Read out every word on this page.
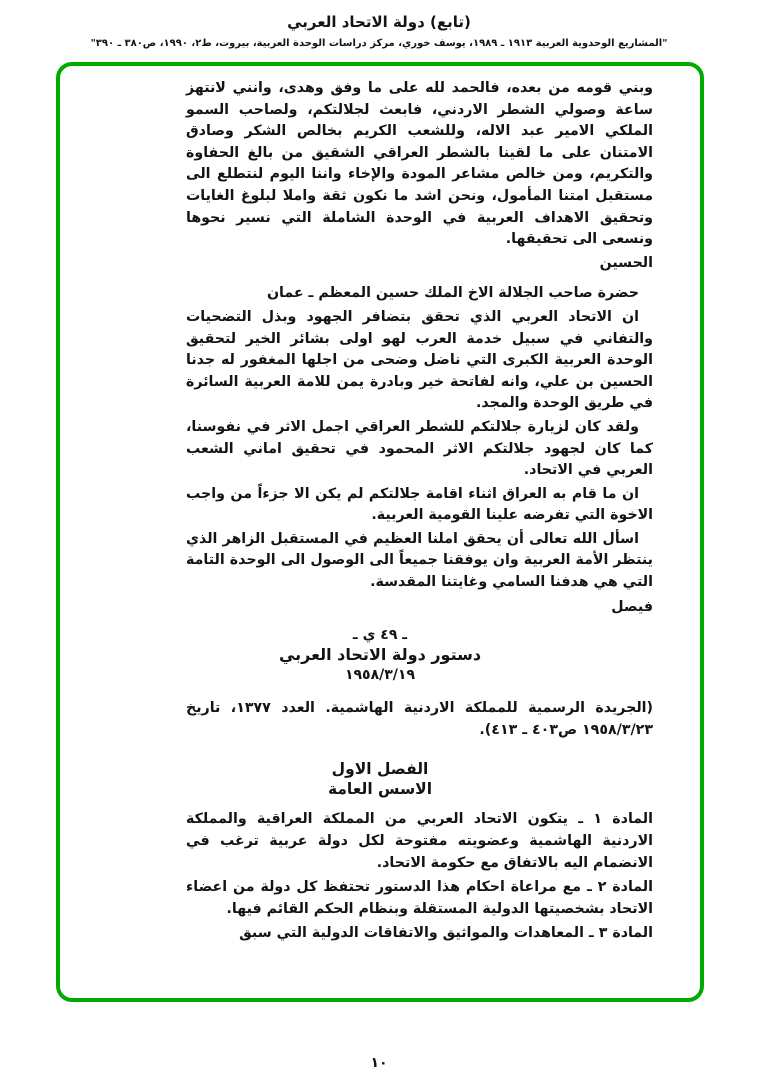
(تابع) دولة الاتحاد العربي
"المشاريع الوحدوية العربية ١٩١٣ ـ ١٩٨٩، يوسف خوري، مركز دراسات الوحدة العربية، بيروت، ط٢، ١٩٩٠، ص٣٨٠ ـ ٣٩٠"

وبني قومه من بعده، فالحمد لله على ما وفق وهدى، وانني لانتهز ساعة وصولي الشطر الاردني، فابعث لجلالتكم، ولصاحب السمو الملكي الامير عبد الاله، وللشعب الكريم بخالص الشكر وصادق الامتنان على ما لقينا بالشطر العراقي الشقيق من بالغ الحفاوة والتكريم، ومن خالص مشاعر المودة والإخاء واننا اليوم لنتطلع الى مستقبل امتنا المأمول، ونحن اشد ما نكون ثقة واملا لبلوغ الغايات وتحقيق الاهداف العربية في الوحدة الشاملة التي نسير نحوها ونسعى الى تحقيقها.

الحسين

حضرة صاحب الجلالة الاخ الملك حسين المعظم ـ عمان

ان الاتحاد العربي الذي تحقق بتضافر الجهود وبذل التضحيات والتفاني في سبيل خدمة العرب لهو اولى بشائر الخير لتحقيق الوحدة العربية الكبرى التي ناضل وضحى من اجلها المغفور له جدنا الحسين بن علي، وانه لفاتحة خير وبادرة يمن للامة العربية السائرة في طريق الوحدة والمجد.

ولقد كان لزيارة جلالتكم للشطر العراقي اجمل الاثر في نفوسنا، كما كان لجهود جلالتكم الاثر المحمود في تحقيق اماني الشعب العربي في الاتحاد.

ان ما قام به العراق اثناء اقامة جلالتكم لم يكن الا جزءاً من واجب الاخوة التي تفرضه علينا القومية العربية.

اسأل الله تعالى أن يحقق املنا العظيم في المستقبل الزاهر الذي ينتظر الأمة العربية وان يوفقنا جميعاً الى الوصول الى الوحدة التامة التي هي هدفنا السامي وغايتنا المقدسة.

فيصل

ـ ٤٩ ي ـ
دستور دولة الاتحاد العربي
١٩٥٨/٣/١٩

(الجريدة الرسمية للمملكة الاردنية الهاشمية. العدد ١٣٧٧، تاريخ ١٩٥٨/٣/٢٣ ص٤٠٣ ـ ٤١٣).

الفصل الاول
الاسس العامة

المادة ١ ـ يتكون الاتحاد العربي من المملكة العراقية والمملكة الاردنية الهاشمية وعضويته مفتوحة لكل دولة عربية ترغب في الانضمام اليه بالاتفاق مع حكومة الاتحاد.

المادة ٢ ـ مع مراعاة احكام هذا الدستور تحتفظ كل دولة من اعضاء الاتحاد بشخصيتها الدولية المستقلة وبنظام الحكم القائم فيها.

المادة ٣ ـ المعاهدات والمواثيق والاتفاقات الدولية التي سبق

١٠
